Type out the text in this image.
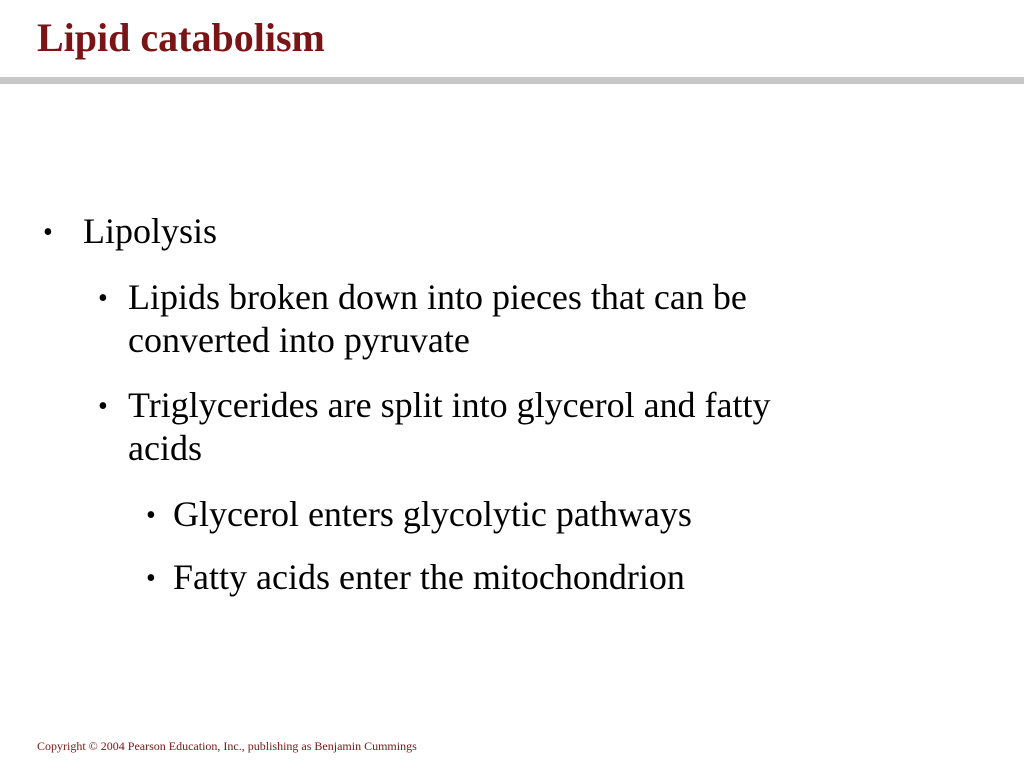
Lipid catabolism
• Lipolysis
• Lipids broken down into pieces that can be
converted into pyruvate
• Triglycerides are split into glycerol and fatty
acids
• Glycerol enters glycolytic pathways
• Fatty acids enter the mitochondrion
Copyright © 2004 Pearson Education, Inc., publishing as Benjamin Cummings
